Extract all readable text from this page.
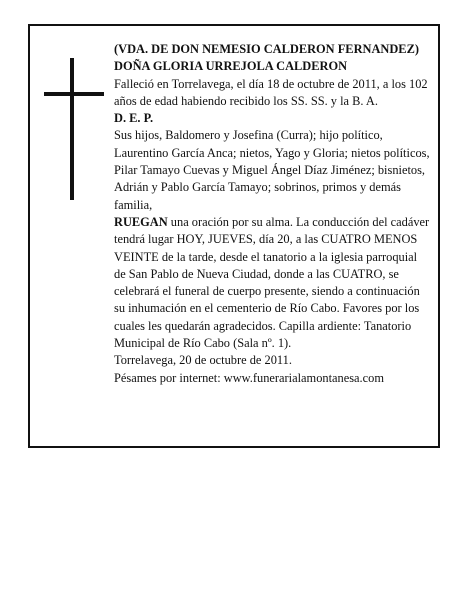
(VDA. DE DON NEMESIO CALDERON FERNANDEZ)

DOÑA GLORIA URREJOLA CALDERON

Falleció en Torrelavega, el día 18 de octubre de 2011, a los 102 años de edad habiendo recibido los SS. SS. y la B. A.

D. E. P.

Sus hijos, Baldomero y Josefina (Curra); hijo político, Laurentino García Anca; nietos, Yago y Gloria; nietos políticos, Pilar Tamayo Cuevas y Miguel Ángel Díaz Jiménez; bisnietos, Adrián y Pablo García Tamayo; sobrinos, primos y demás familia,

RUEGAN una oración por su alma. La conducción del cadáver tendrá lugar HOY, JUEVES, día 20, a las CUATRO MENOS VEINTE de la tarde, desde el tanatorio a la iglesia parroquial de San Pablo de Nueva Ciudad, donde a las CUATRO, se celebrará el funeral de cuerpo presente, siendo a continuación su inhumación en el cementerio de Río Cabo. Favores por los cuales les quedarán agradecidos. Capilla ardiente: Tanatorio Municipal de Río Cabo (Sala nº. 1).

Torrelavega, 20 de octubre de 2011.

Pésames por internet: www.funerarialamontanesa.com
